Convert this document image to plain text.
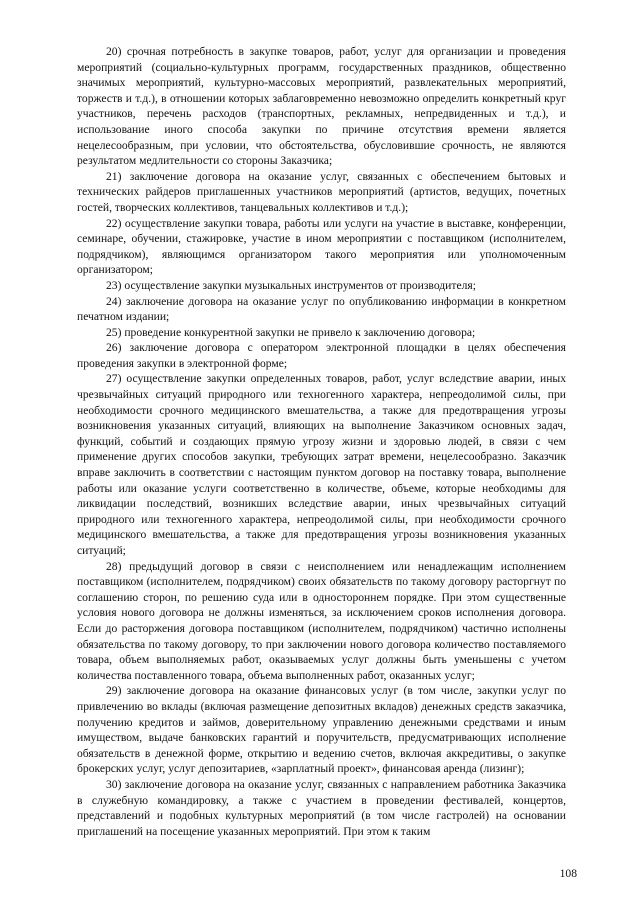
20) срочная потребность в закупке товаров, работ, услуг для организации и проведения мероприятий (социально-культурных программ, государственных праздников, общественно значимых мероприятий, культурно-массовых мероприятий, развлекательных мероприятий, торжеств и т.д.), в отношении которых заблаговременно невозможно определить конкретный круг участников, перечень расходов (транспортных, рекламных, непредвиденных и т.д.), и использование иного способа закупки по причине отсутствия времени является нецелесообразным, при условии, что обстоятельства, обусловившие срочность, не являются результатом медлительности со стороны Заказчика;

21) заключение договора на оказание услуг, связанных с обеспечением бытовых и технических райдеров приглашенных участников мероприятий (артистов, ведущих, почетных гостей, творческих коллективов, танцевальных коллективов и т.д.);

22) осуществление закупки товара, работы или услуги на участие в выставке, конференции, семинаре, обучении, стажировке, участие в ином мероприятии с поставщиком (исполнителем, подрядчиком), являющимся организатором такого мероприятия или уполномоченным организатором;

23) осуществление закупки музыкальных инструментов от производителя;

24) заключение договора на оказание услуг по опубликованию информации в конкретном печатном издании;

25) проведение конкурентной закупки не привело к заключению договора;

26) заключение договора с оператором электронной площадки в целях обеспечения проведения закупки в электронной форме;

27) осуществление закупки определенных товаров, работ, услуг вследствие аварии, иных чрезвычайных ситуаций природного или техногенного характера, непреодолимой силы, при необходимости срочного медицинского вмешательства, а также для предотвращения угрозы возникновения указанных ситуаций, влияющих на выполнение Заказчиком основных задач, функций, событий и создающих прямую угрозу жизни и здоровью людей, в связи с чем применение других способов закупки, требующих затрат времени, нецелесообразно. Заказчик вправе заключить в соответствии с настоящим пунктом договор на поставку товара, выполнение работы или оказание услуги соответственно в количестве, объеме, которые необходимы для ликвидации последствий, возникших вследствие аварии, иных чрезвычайных ситуаций природного или техногенного характера, непреодолимой силы, при необходимости срочного медицинского вмешательства, а также для предотвращения угрозы возникновения указанных ситуаций;

28) предыдущий договор в связи с неисполнением или ненадлежащим исполнением поставщиком (исполнителем, подрядчиком) своих обязательств по такому договору расторгнут по соглашению сторон, по решению суда или в одностороннем порядке. При этом существенные условия нового договора не должны изменяться, за исключением сроков исполнения договора. Если до расторжения договора поставщиком (исполнителем, подрядчиком) частично исполнены обязательства по такому договору, то при заключении нового договора количество поставляемого товара, объем выполняемых работ, оказываемых услуг должны быть уменьшены с учетом количества поставленного товара, объема выполненных работ, оказанных услуг;

29) заключение договора на оказание финансовых услуг (в том числе, закупки услуг по привлечению во вклады (включая размещение депозитных вкладов) денежных средств заказчика, получению кредитов и займов, доверительному управлению денежными средствами и иным имуществом, выдаче банковских гарантий и поручительств, предусматривающих исполнение обязательств в денежной форме, открытию и ведению счетов, включая аккредитивы, о закупке брокерских услуг, услуг депозитариев, «зарплатный проект», финансовая аренда (лизинг);

30) заключение договора на оказание услуг, связанных с направлением работника Заказчика в служебную командировку, а также с участием в проведении фестивалей, концертов, представлений и подобных культурных мероприятий (в том числе гастролей) на основании приглашений на посещение указанных мероприятий. При этом к таким

108
